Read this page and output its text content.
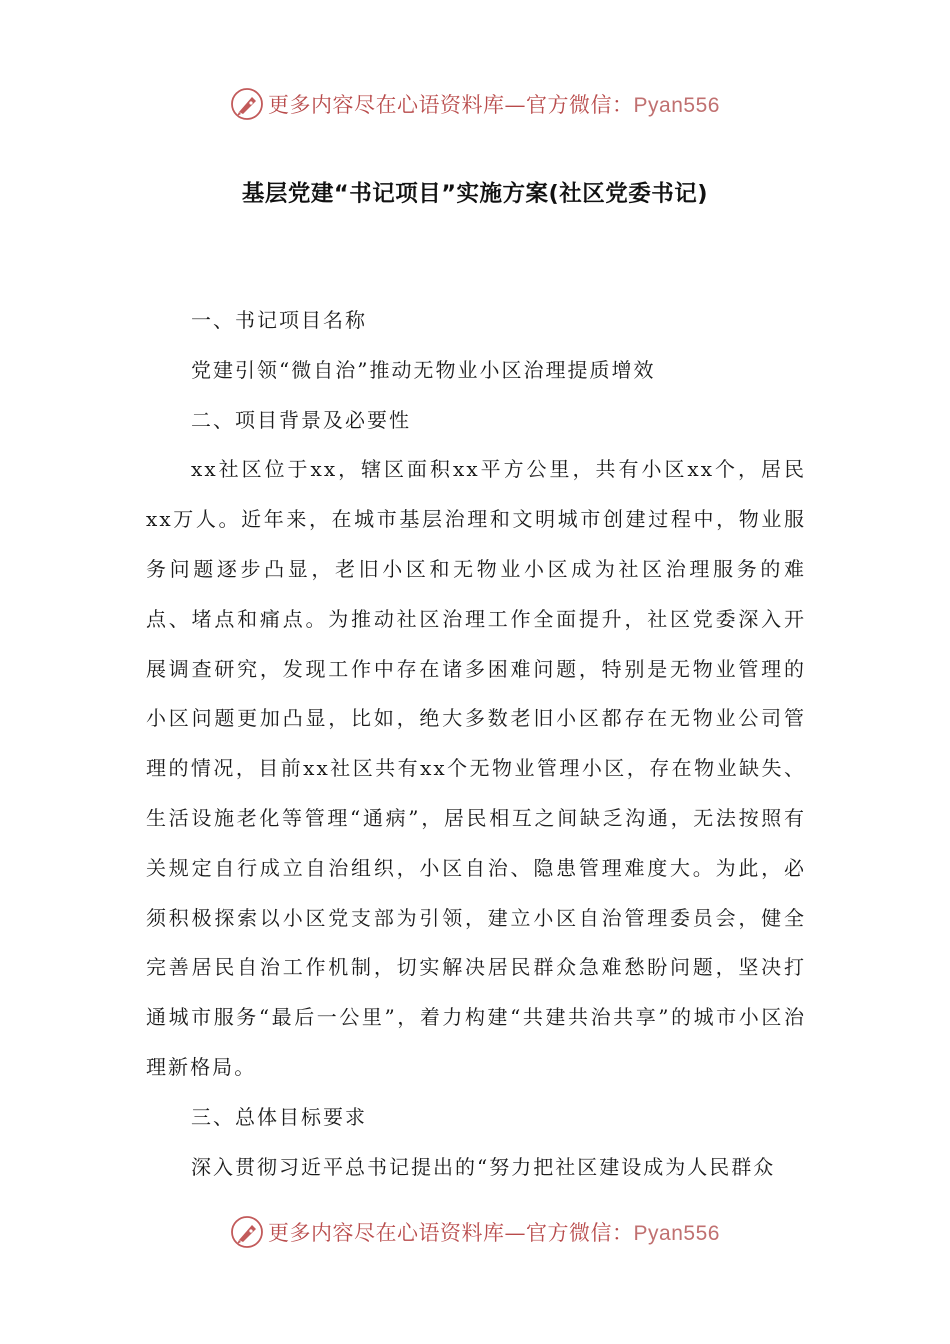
更多内容尽在心语资料库—官方微信：Pyan556
基层党建“书记项目”实施方案(社区党委书记)

一、书记项目名称

党建引领“微自治”推动无物业小区治理提质增效

二、项目背景及必要性

xx社区位于xx，辖区面积xx平方公里，共有小区xx个，居民xx万人。近年来，在城市基层治理和文明城市创建过程中，物业服务问题逐步凸显，老旧小区和无物业小区成为社区治理服务的难点、堵点和痛点。为推动社区治理工作全面提升，社区党委深入开展调查研究，发现工作中存在诸多困难问题，特别是无物业管理的小区问题更加凸显，比如，绝大多数老旧小区都存在无物业公司管理的情况，目前xx社区共有xx个无物业管理小区，存在物业缺失、生活设施老化等管理“通病”，居民相互之间缺乏沟通，无法按照有关规定自行成立自治组织，小区自治、隐患管理难度大。为此，必须积极探索以小区党支部为引领，建立小区自治管理委员会，健全完善居民自治工作机制，切实解决居民群众急难愁盼问题，坚决打通城市服务“最后一公里”，着力构建“共建共治共享”的城市小区治理新格局。

三、总体目标要求

深入贯彻习近平总书记提出的“努力把社区建设成为人民群众

更多内容尽在心语资料库—官方微信：Pyan556
